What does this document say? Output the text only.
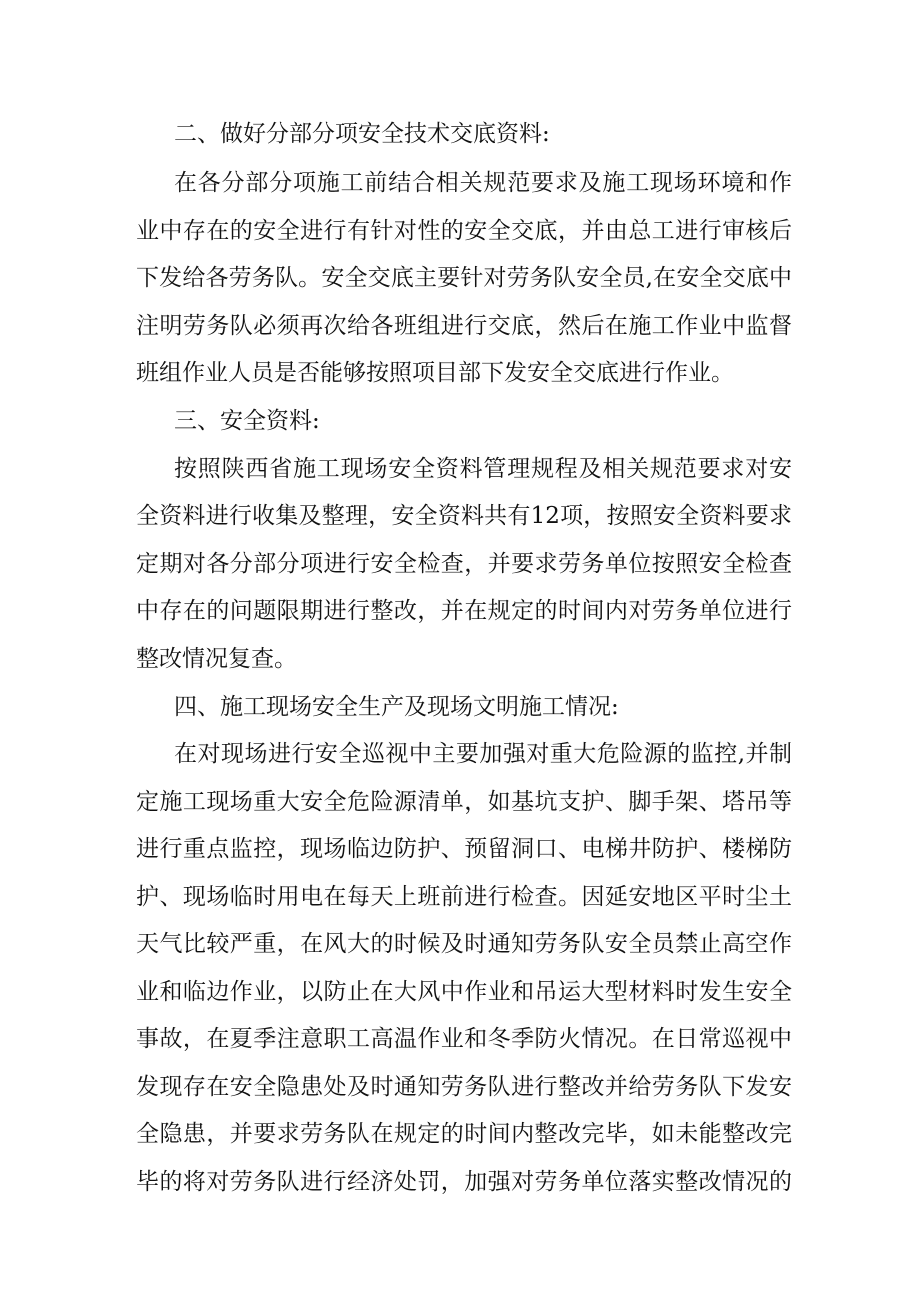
二、做好分部分项安全技术交底资料:
在各分部分项施工前结合相关规范要求及施工现场环境和作
业中存在的安全进行有针对性的安全交底，并由总工进行审核后
下发给各劳务队。安全交底主要针对劳务队安全员,在安全交底中
注明劳务队必须再次给各班组进行交底，然后在施工作业中监督
班组作业人员是否能够按照项目部下发安全交底进行作业。
三、安全资料:
按照陕西省施工现场安全资料管理规程及相关规范要求对安
全资料进行收集及整理，安全资料共有12项，按照安全资料要求
定期对各分部分项进行安全检查，并要求劳务单位按照安全检查
中存在的问题限期进行整改，并在规定的时间内对劳务单位进行
整改情况复查。
四、施工现场安全生产及现场文明施工情况:
在对现场进行安全巡视中主要加强对重大危险源的监控,并制
定施工现场重大安全危险源清单，如基坑支护、脚手架、塔吊等
进行重点监控，现场临边防护、预留洞口、电梯井防护、楼梯防
护、现场临时用电在每天上班前进行检查。因延安地区平时尘土
天气比较严重，在风大的时候及时通知劳务队安全员禁止高空作
业和临边作业，以防止在大风中作业和吊运大型材料时发生安全
事故，在夏季注意职工高温作业和冬季防火情况。在日常巡视中
发现存在安全隐患处及时通知劳务队进行整改并给劳务队下发安
全隐患，并要求劳务队在规定的时间内整改完毕，如未能整改完
毕的将对劳务队进行经济处罚，加强对劳务单位落实整改情况的
